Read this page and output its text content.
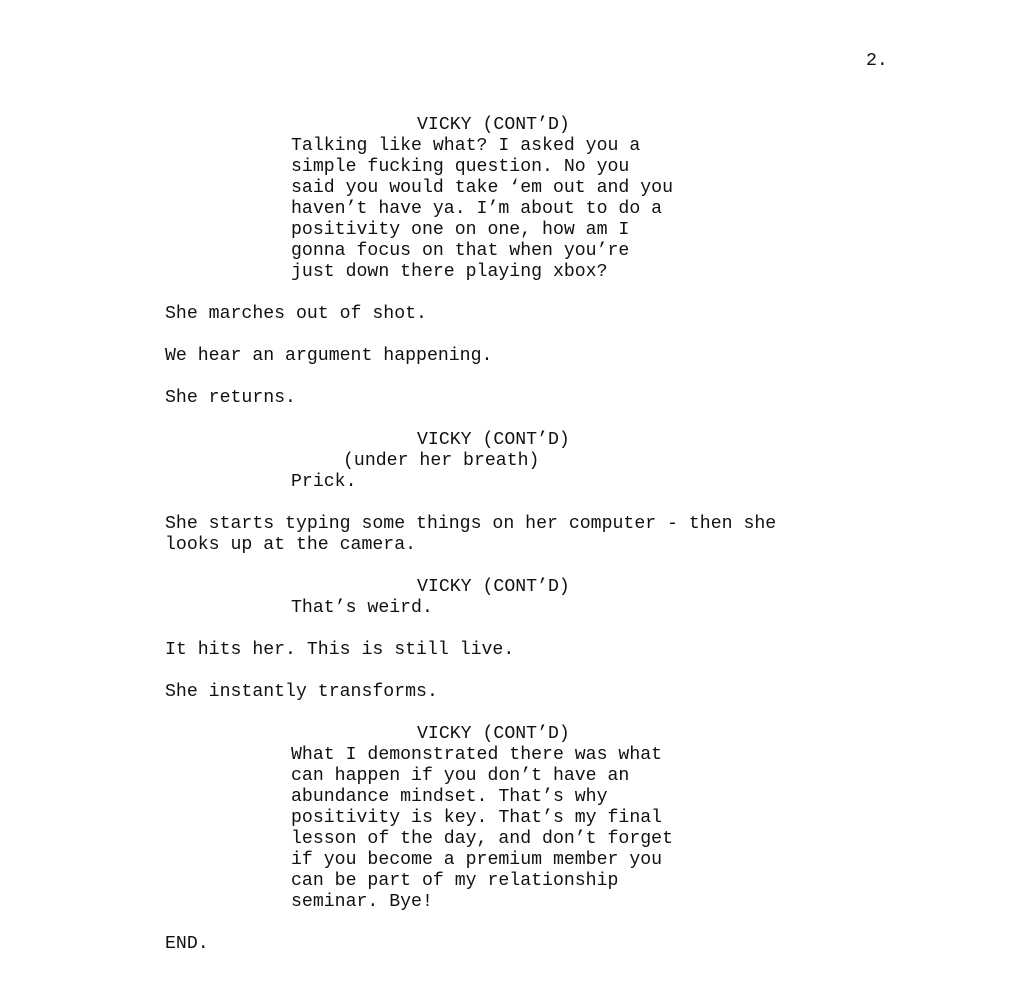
2.
VICKY (CONT’D)
Talking like what? I asked you a
simple fucking question. No you
said you would take ‘em out and you
haven’t have ya. I’m about to do a
positivity one on one, how am I
gonna focus on that when you’re
just down there playing xbox?
She marches out of shot.
We hear an argument happening.
She returns.
VICKY (CONT’D)
(under her breath)
Prick.
She starts typing some things on her computer - then she
looks up at the camera.
VICKY (CONT’D)
That’s weird.
It hits her. This is still live.
She instantly transforms.
VICKY (CONT’D)
What I demonstrated there was what
can happen if you don’t have an
abundance mindset. That’s why
positivity is key. That’s my final
lesson of the day, and don’t forget
if you become a premium member you
can be part of my relationship
seminar. Bye!
END.
